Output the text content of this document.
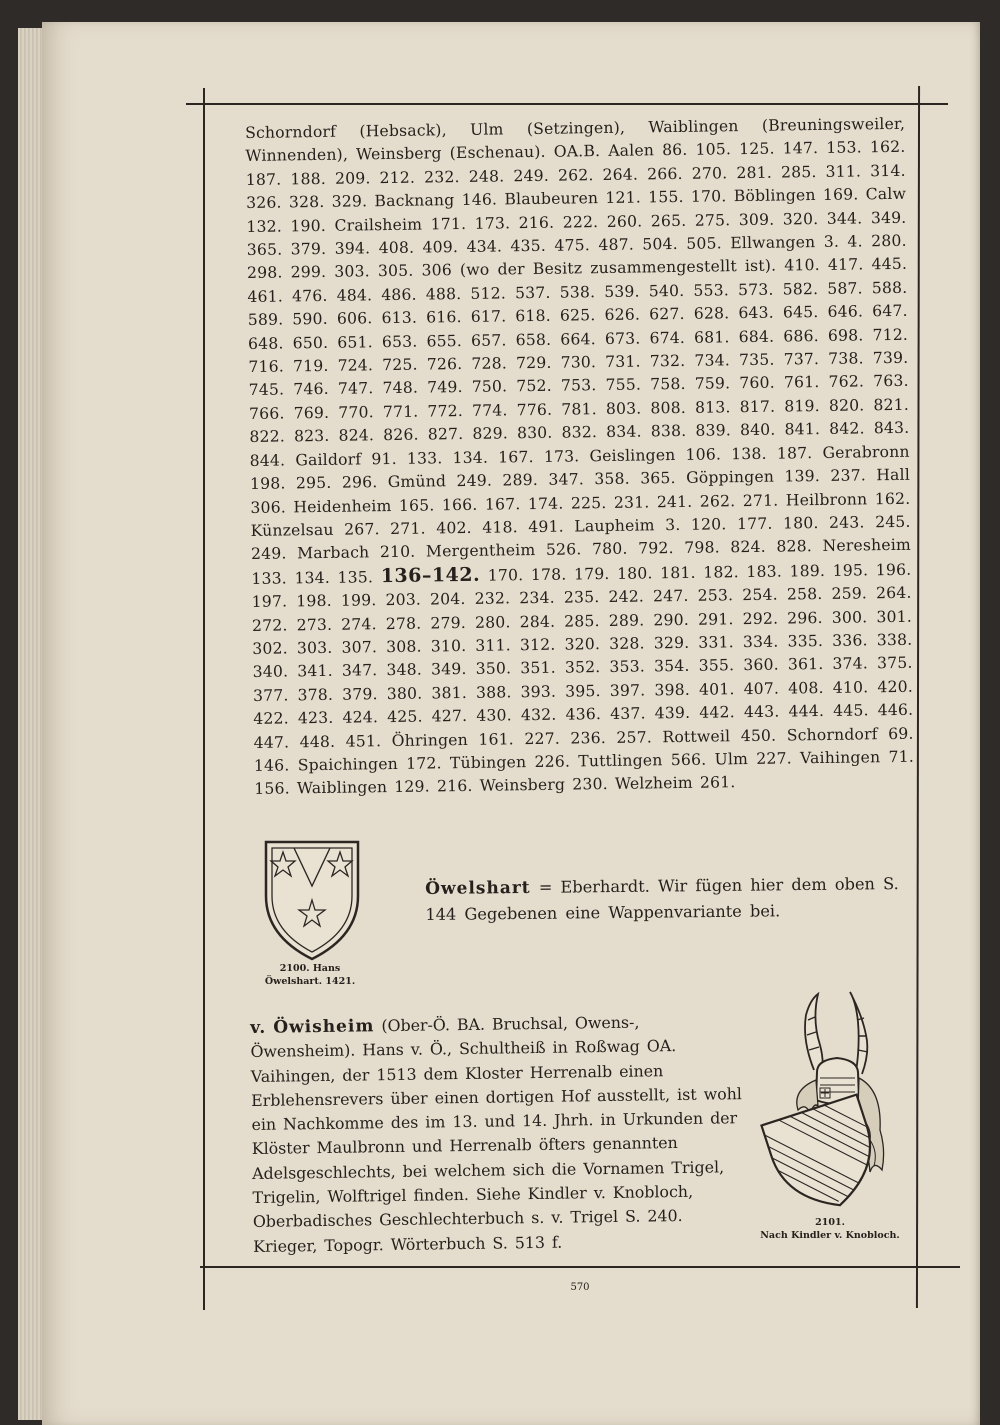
Schorndorf (Hebsack), Ulm (Setzingen), Waiblingen (Breuningsweiler, Winnenden), Weinsberg (Eschenau). OA.B. Aalen 86. 105. 125. 147. 153. 162. 187. 188. 209. 212. 232. 248. 249. 262. 264. 266. 270. 281. 285. 311. 314. 326. 328. 329. Backnang 146. Blaubeuren 121. 155. 170. Böblingen 169. Calw 132. 190. Crailsheim 171. 173. 216. 222. 260. 265. 275. 309. 320. 344. 349. 365. 379. 394. 408. 409. 434. 435. 475. 487. 504. 505. Ellwangen 3. 4. 280. 298. 299. 303. 305. 306 (wo der Besitz zusammengestellt ist). 410. 417. 445. 461. 476. 484. 486. 488. 512. 537. 538. 539. 540. 553. 573. 582. 587. 588. 589. 590. 606. 613. 616. 617. 618. 625. 626. 627. 628. 643. 645. 646. 647. 648. 650. 651. 653. 655. 657. 658. 664. 673. 674. 681. 684. 686. 698. 712. 716. 719. 724. 725. 726. 728. 729. 730. 731. 732. 734. 735. 737. 738. 739. 745. 746. 747. 748. 749. 750. 752. 753. 755. 758. 759. 760. 761. 762. 763. 766. 769. 770. 771. 772. 774. 776. 781. 803. 808. 813. 817. 819. 820. 821. 822. 823. 824. 826. 827. 829. 830. 832. 834. 838. 839. 840. 841. 842. 843. 844. Gaildorf 91. 133. 134. 167. 173. Geislingen 106. 138. 187. Gerabronn 198. 295. 296. Gmünd 249. 289. 347. 358. 365. Göppingen 139. 237. Hall 306. Heidenheim 165. 166. 167. 174. 225. 231. 241. 262. 271. Heilbronn 162. Künzelsau 267. 271. 402. 418. 491. Laupheim 3. 120. 177. 180. 243. 245. 249. Marbach 210. Mergentheim 526. 780. 792. 798. 824. 828. Neresheim 133. 134. 135. 136–142. 170. 178. 179. 180. 181. 182. 183. 189. 195. 196. 197. 198. 199. 203. 204. 232. 234. 235. 242. 247. 253. 254. 258. 259. 264. 272. 273. 274. 278. 279. 280. 284. 285. 289. 290. 291. 292. 296. 300. 301. 302. 303. 307. 308. 310. 311. 312. 320. 328. 329. 331. 334. 335. 336. 338. 340. 341. 347. 348. 349. 350. 351. 352. 353. 354. 355. 360. 361. 374. 375. 377. 378. 379. 380. 381. 388. 393. 395. 397. 398. 401. 407. 408. 410. 420. 422. 423. 424. 425. 427. 430. 432. 436. 437. 439. 442. 443. 444. 445. 446. 447. 448. 451. Öhringen 161. 227. 236. 257. Rottweil 450. Schorndorf 69. 146. Spaichingen 172. Tübingen 226. Tuttlingen 566. Ulm 227. Vaihingen 71. 156. Waiblingen 129. 216. Weinsberg 230. Welzheim 261.
2100. Hans
Öwelshart. 1421.
Öwelshart = Eberhardt. Wir fügen hier dem oben S. 144 Gegebenen eine Wappenvariante bei.
v. Öwisheim (Ober-Ö. BA. Bruchsal, Owens-, Öwensheim). Hans v. Ö., Schultheiß in Roßwag OA. Vaihingen, der 1513 dem Kloster Herrenalb einen Erblehensrevers über einen dortigen Hof ausstellt, ist wohl ein Nachkomme des im 13. und 14. Jhrh. in Urkunden der Klöster Maulbronn und Herrenalb öfters genannten Adelsgeschlechts, bei welchem sich die Vornamen Trigel, Trigelin, Wolftrigel finden. Siehe Kindler v. Knobloch, Oberbadisches Geschlechterbuch s. v. Trigel S. 240. Krieger, Topogr. Wörterbuch S. 513 f.
2101.
Nach Kindler v. Knobloch.
570
